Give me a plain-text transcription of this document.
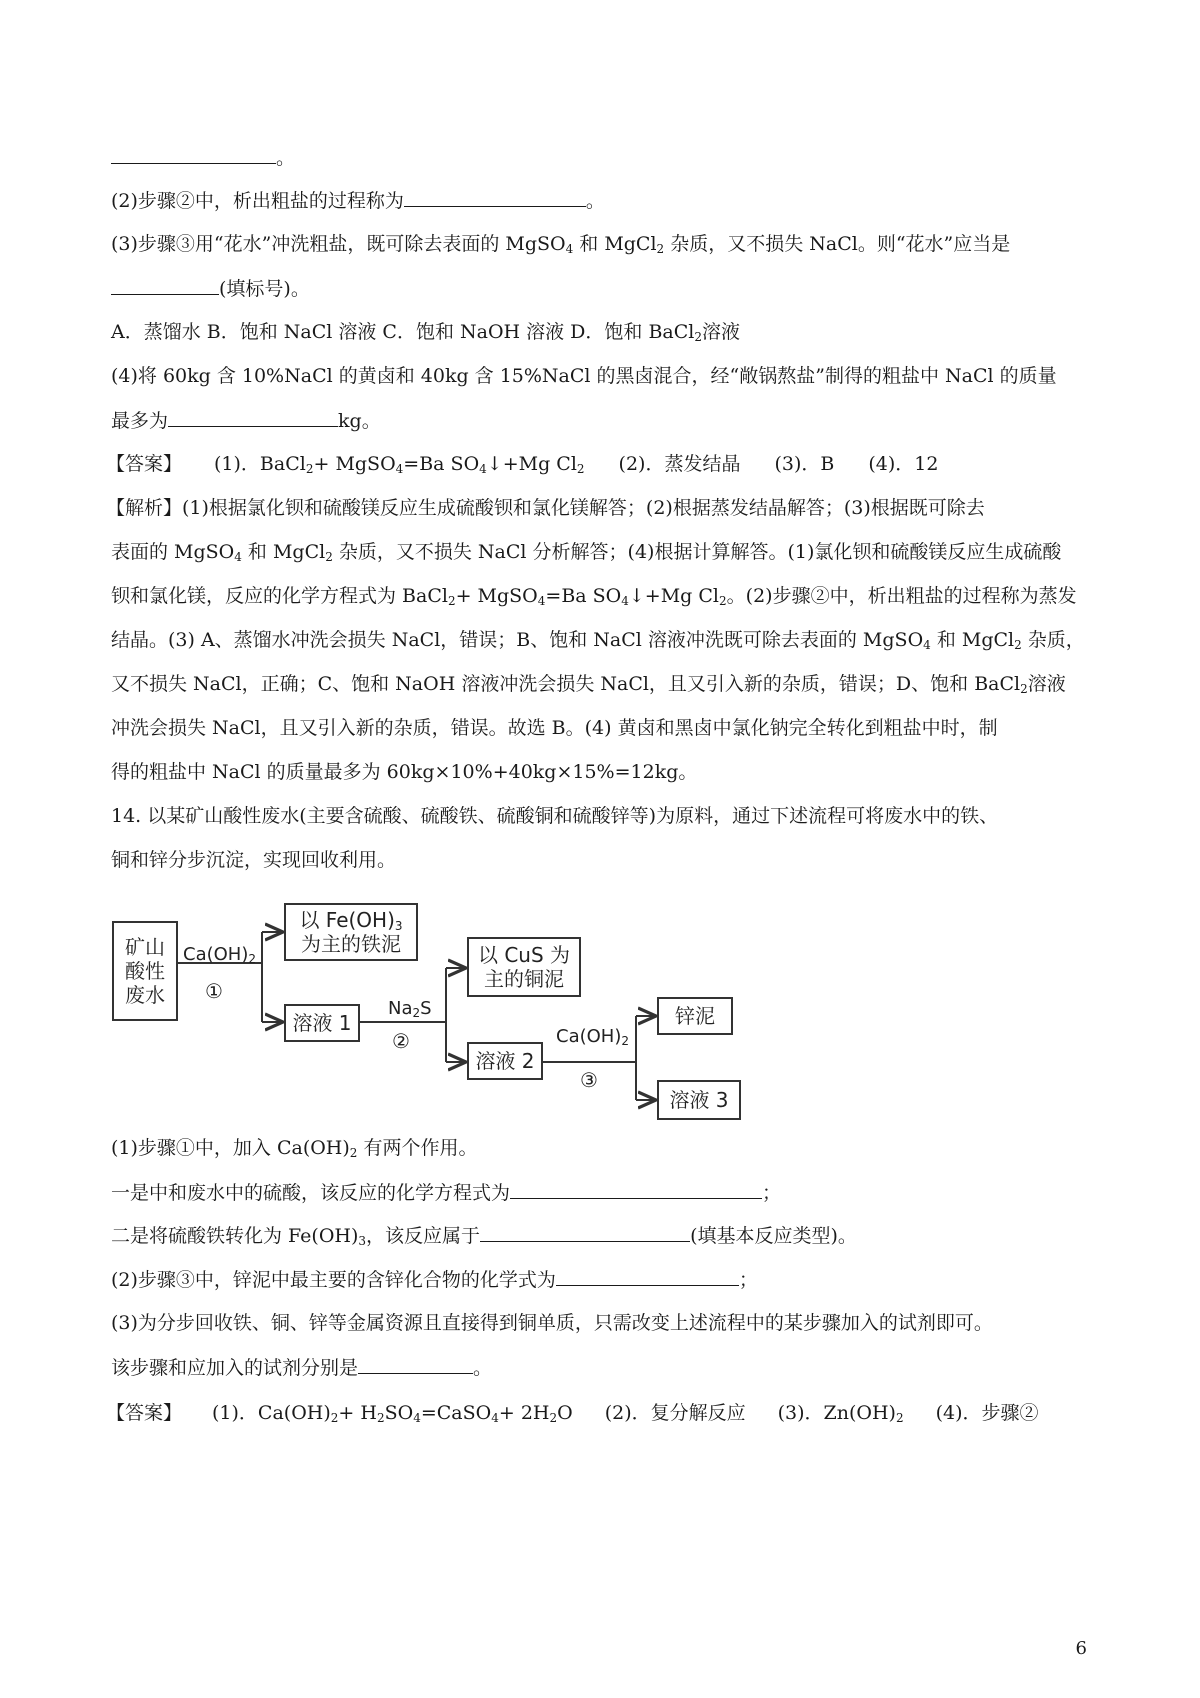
。
(2)步骤②中，析出粗盐的过程称为	。
(3)步骤③用“花水”冲洗粗盐，既可除去表面的 MgSO$_4$ 和 MgCl$_2$ 杂质，又不损失 NaCl。则“花水”应当是
(填标号)。
A．蒸馏水 B．饱和 NaCl 溶液 C．饱和 NaOH 溶液 D．饱和 BaCl$_2$溶液
(4)将 60kg 含 10%NaCl 的黄卤和 40kg 含 15%NaCl 的黑卤混合，经“敞锅熬盐”制得的粗盐中 NaCl 的质量
最多为	kg。
【答案】 (1)．BaCl$_2$+ MgSO$_4$=Ba $SO_4↓+Mg$ $Cl_2$ (2)．蒸发结晶 (3)．B (4)．12
【解析】(1)根据氯化钡和硫酸镁反应生成硫酸钡和氯化镁解答；(2)根据蒸发结晶解答；(3)根据既可除去
表面的 MgSO$_4$ 和 MgCl$_2$ 杂质，又不损失 NaCl 分析解答；(4)根据计算解答。(1)氯化钡和硫酸镁反应生成硫酸
钡和氯化镁，反应的化学方程式为 BaCl$_2$+ MgSO$_4$=Ba $SO_4↓+Mg$ $Cl_2$。(2)步骤②中，析出粗盐的过程称为蒸发
结晶。(3) A、蒸馏水冲洗会损失 NaCl，错误；B、饱和 NaCl 溶液冲洗既可除去表面的 MgSO$_4$ 和 MgCl$_2$ 杂质，
又不损失 NaCl，正确；C、饱和 NaOH 溶液冲洗会损失 NaCl，且又引入新的杂质，错误；D、饱和 BaCl$_2$溶液
冲洗会损失 NaCl，且又引入新的杂质，错误。故选 B。(4) 黄卤和黑卤中氯化钠完全转化到粗盐中时，制
得的粗盐中 NaCl 的质量最多为 60kg×10%+40kg×15%=12kg。
14. 以某矿山酸性废水(主要含硫酸、硫酸铁、硫酸铜和硫酸锌等)为原料，通过下述流程可将废水中的铁、
铜和锌分步沉淀，实现回收利用。
矿山
酸性
废水
$Ca(OH)_2$
①
以 $Fe(OH)_3$
为主的铁泥
溶液 1
$Na_2S$
②
以 CuS 为
主的铜泥
溶液 2
$Ca(OH)_2$
③
锌泥
溶液 3
(1)步骤①中，加入 $Ca(OH)_2$ 有两个作用。
一是中和废水中的硫酸，该反应的化学方程式为	；
二是将硫酸铁转化为 $Fe(OH)_3$，该反应属于	(填基本反应类型)。
(2)步骤③中，锌泥中最主要的含锌化合物的化学式为	；
(3)为分步回收铁、铜、锌等金属资源且直接得到铜单质，只需改变上述流程中的某步骤加入的试剂即可。
该步骤和应加入的试剂分别是	。
【答案】 (1)．$Ca(OH)_2+$ $H_2SO_4=CaSO_4+ 2H_2O$ (2)．复分解反应 (3)．$Zn(OH)_2$ (4)．步骤②
6
